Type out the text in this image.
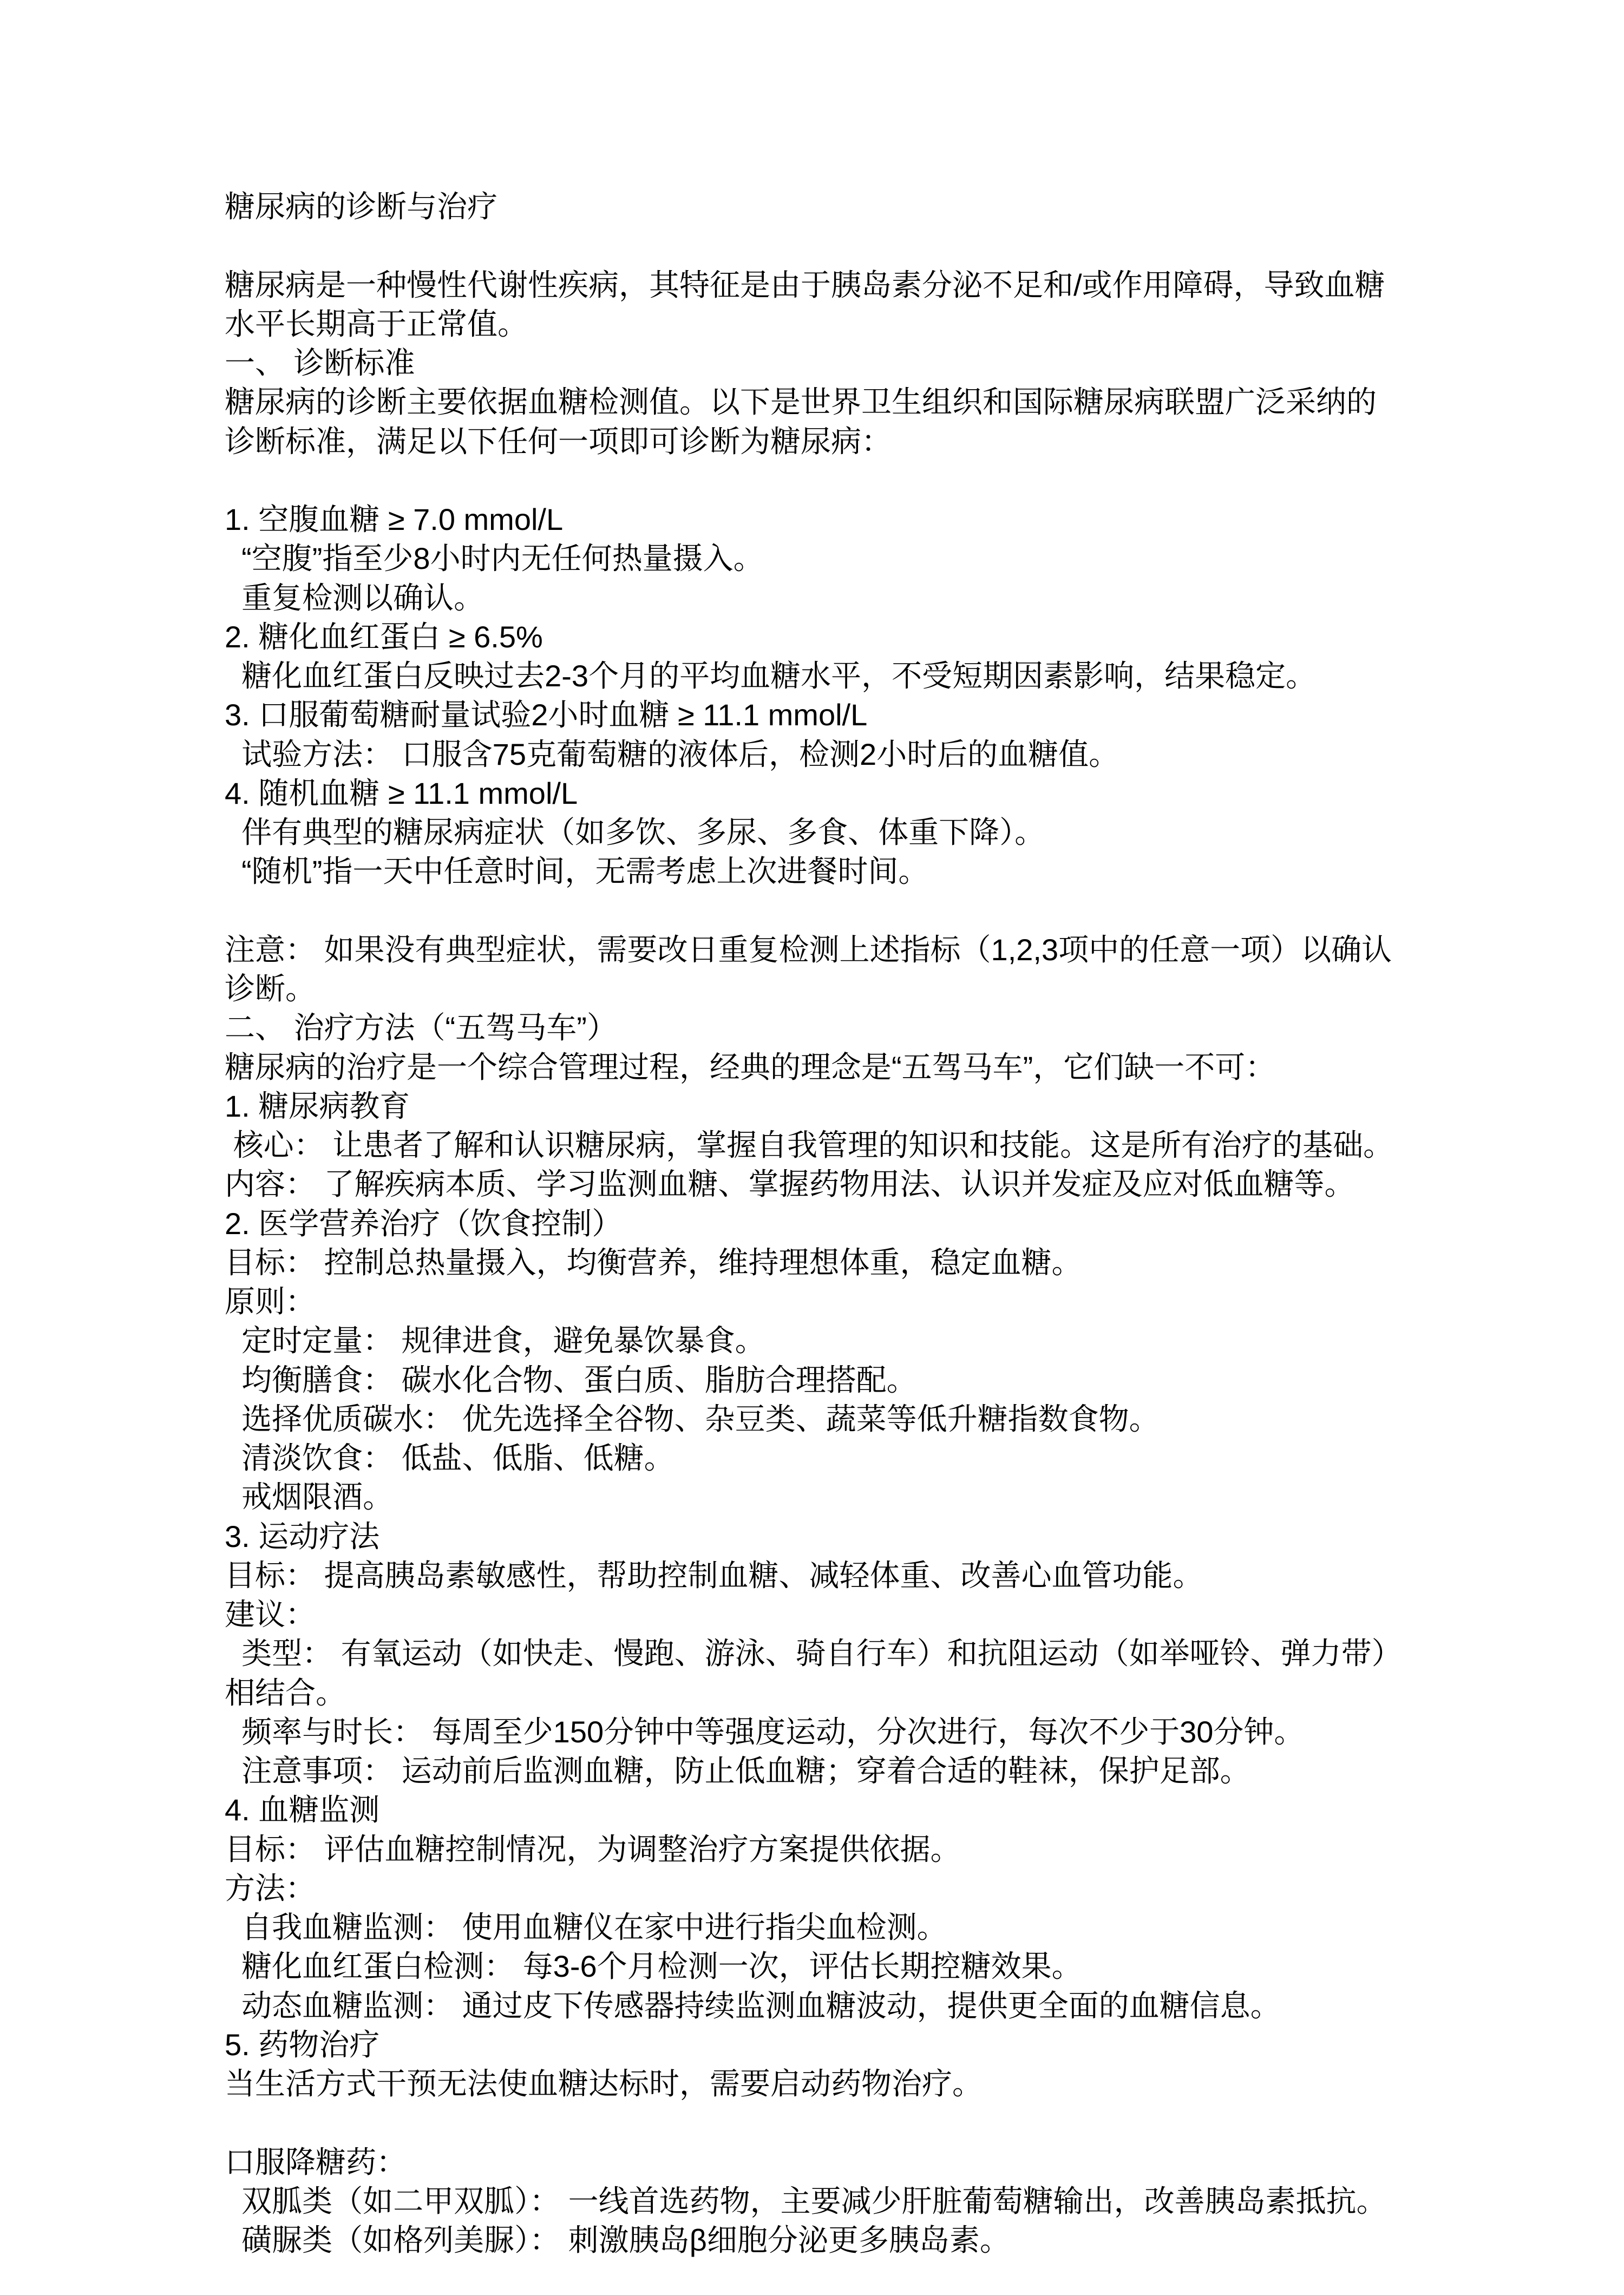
糖尿病的诊断与治疗
糖尿病是一种慢性代谢性疾病，其特征是由于胰岛素分泌不足和/或作用障碍，导致血糖
水平长期高于正常值。
一、 诊断标准
糖尿病的诊断主要依据血糖检测值。以下是世界卫生组织和国际糖尿病联盟广泛采纳的
诊断标准，满足以下任何一项即可诊断为糖尿病：
1. 空腹血糖 ≥ 7.0 mmol/L
“空腹”指至少8小时内无任何热量摄入。
重复检测以确认。
2. 糖化血红蛋白 ≥ 6.5%
糖化血红蛋白反映过去2-3个月的平均血糖水平，不受短期因素影响，结果稳定。
3. 口服葡萄糖耐量试验2小时血糖 ≥ 11.1 mmol/L
试验方法： 口服含75克葡萄糖的液体后，检测2小时后的血糖值。
4. 随机血糖 ≥ 11.1 mmol/L
伴有典型的糖尿病症状（如多饮、多尿、多食、体重下降）。
“随机”指一天中任意时间，无需考虑上次进餐时间。
注意： 如果没有典型症状，需要改日重复检测上述指标（1,2,3项中的任意一项）以确认
诊断。
二、 治疗方法（“五驾马车”）
糖尿病的治疗是一个综合管理过程，经典的理念是“五驾马车”，它们缺一不可：
1. 糖尿病教育
核心： 让患者了解和认识糖尿病，掌握自我管理的知识和技能。这是所有治疗的基础。
内容： 了解疾病本质、学习监测血糖、掌握药物用法、认识并发症及应对低血糖等。
2. 医学营养治疗（饮食控制）
目标： 控制总热量摄入，均衡营养，维持理想体重，稳定血糖。
原则：
定时定量： 规律进食，避免暴饮暴食。
均衡膳食： 碳水化合物、蛋白质、脂肪合理搭配。
选择优质碳水： 优先选择全谷物、杂豆类、蔬菜等低升糖指数食物。
清淡饮食： 低盐、低脂、低糖。
戒烟限酒。
3. 运动疗法
目标： 提高胰岛素敏感性，帮助控制血糖、减轻体重、改善心血管功能。
建议：
类型： 有氧运动（如快走、慢跑、游泳、骑自行车）和抗阻运动（如举哑铃、弹力带）
相结合。
频率与时长： 每周至少150分钟中等强度运动，分次进行，每次不少于30分钟。
注意事项： 运动前后监测血糖，防止低血糖；穿着合适的鞋袜，保护足部。
4. 血糖监测
目标： 评估血糖控制情况，为调整治疗方案提供依据。
方法：
自我血糖监测： 使用血糖仪在家中进行指尖血检测。
糖化血红蛋白检测： 每3-6个月检测一次，评估长期控糖效果。
动态血糖监测： 通过皮下传感器持续监测血糖波动，提供更全面的血糖信息。
5. 药物治疗
当生活方式干预无法使血糖达标时，需要启动药物治疗。
口服降糖药：
双胍类（如二甲双胍）： 一线首选药物，主要减少肝脏葡萄糖输出，改善胰岛素抵抗。
磺脲类（如格列美脲）： 刺激胰岛β细胞分泌更多胰岛素。
